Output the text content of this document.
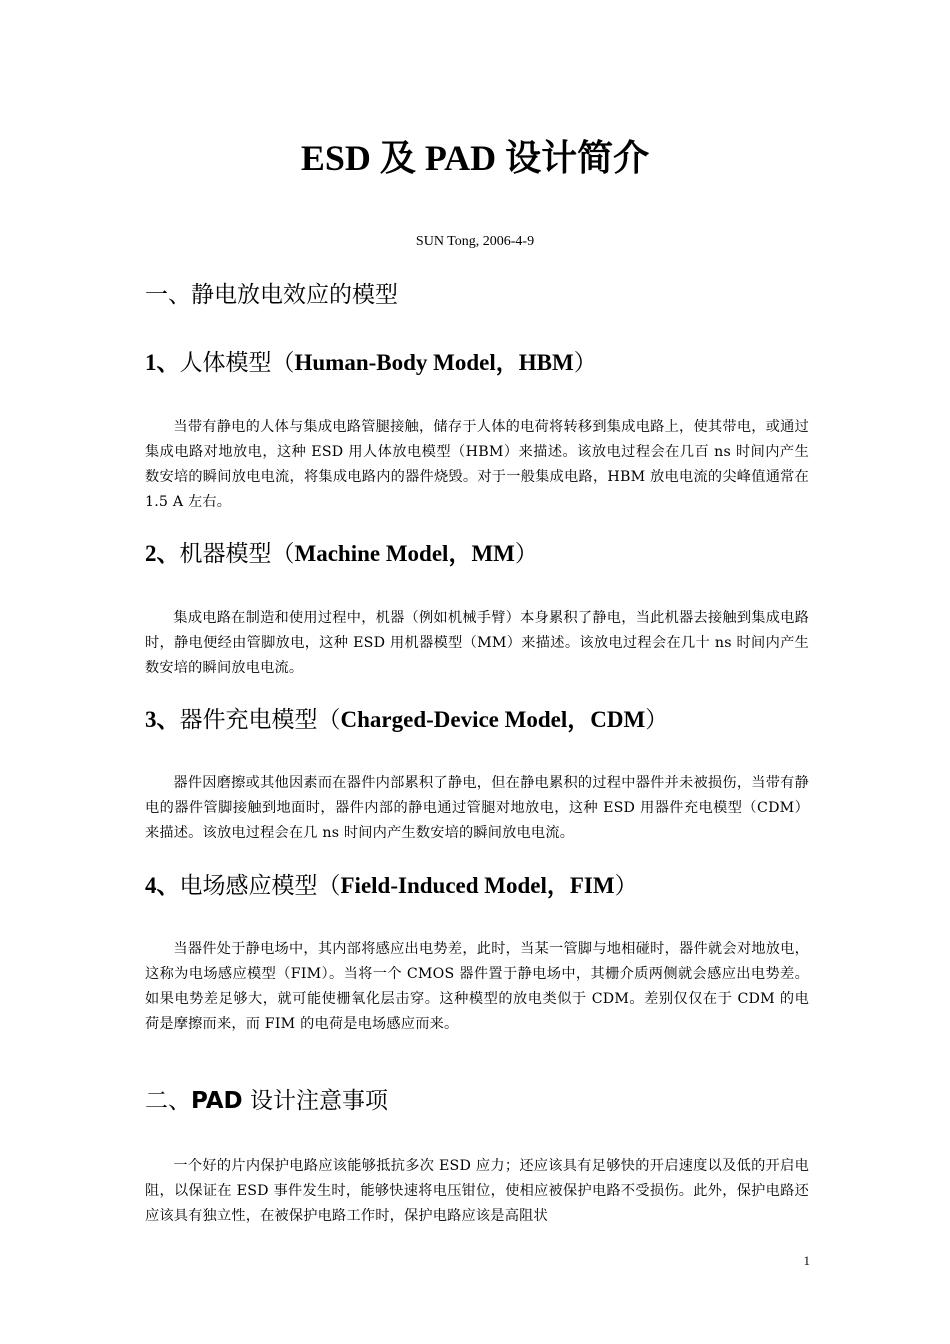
ESD 及 PAD 设计简介
SUN Tong, 2006-4-9
一、静电放电效应的模型
1、人体模型（Human-Body Model，HBM）
当带有静电的人体与集成电路管腿接触，储存于人体的电荷将转移到集成电路上，使其带电，或通过集成电路对地放电，这种 ESD 用人体放电模型（HBM）来描述。该放电过程会在几百 ns 时间内产生数安培的瞬间放电电流，将集成电路内的器件烧毁。对于一般集成电路，HBM 放电电流的尖峰值通常在 1.5 A 左右。
2、机器模型（Machine Model，MM）
集成电路在制造和使用过程中，机器（例如机械手臂）本身累积了静电，当此机器去接触到集成电路时，静电便经由管脚放电，这种 ESD 用机器模型（MM）来描述。该放电过程会在几十 ns 时间内产生数安培的瞬间放电电流。
3、器件充电模型（Charged-Device Model，CDM）
器件因磨擦或其他因素而在器件内部累积了静电，但在静电累积的过程中器件并未被损伤，当带有静电的器件管脚接触到地面时，器件内部的静电通过管腿对地放电，这种 ESD 用器件充电模型（CDM）来描述。该放电过程会在几 ns 时间内产生数安培的瞬间放电电流。
4、电场感应模型（Field-Induced Model，FIM）
当器件处于静电场中，其内部将感应出电势差，此时，当某一管脚与地相碰时，器件就会对地放电，这称为电场感应模型（FIM）。当将一个 CMOS 器件置于静电场中，其栅介质两侧就会感应出电势差。如果电势差足够大，就可能使栅氧化层击穿。这种模型的放电类似于 CDM。差别仅仅在于 CDM 的电荷是摩擦而来，而 FIM 的电荷是电场感应而来。
二、PAD 设计注意事项
一个好的片内保护电路应该能够抵抗多次 ESD 应力；还应该具有足够快的开启速度以及低的开启电阻，以保证在 ESD 事件发生时，能够快速将电压钳位，使相应被保护电路不受损伤。此外，保护电路还应该具有独立性，在被保护电路工作时，保护电路应该是高阻状
1
